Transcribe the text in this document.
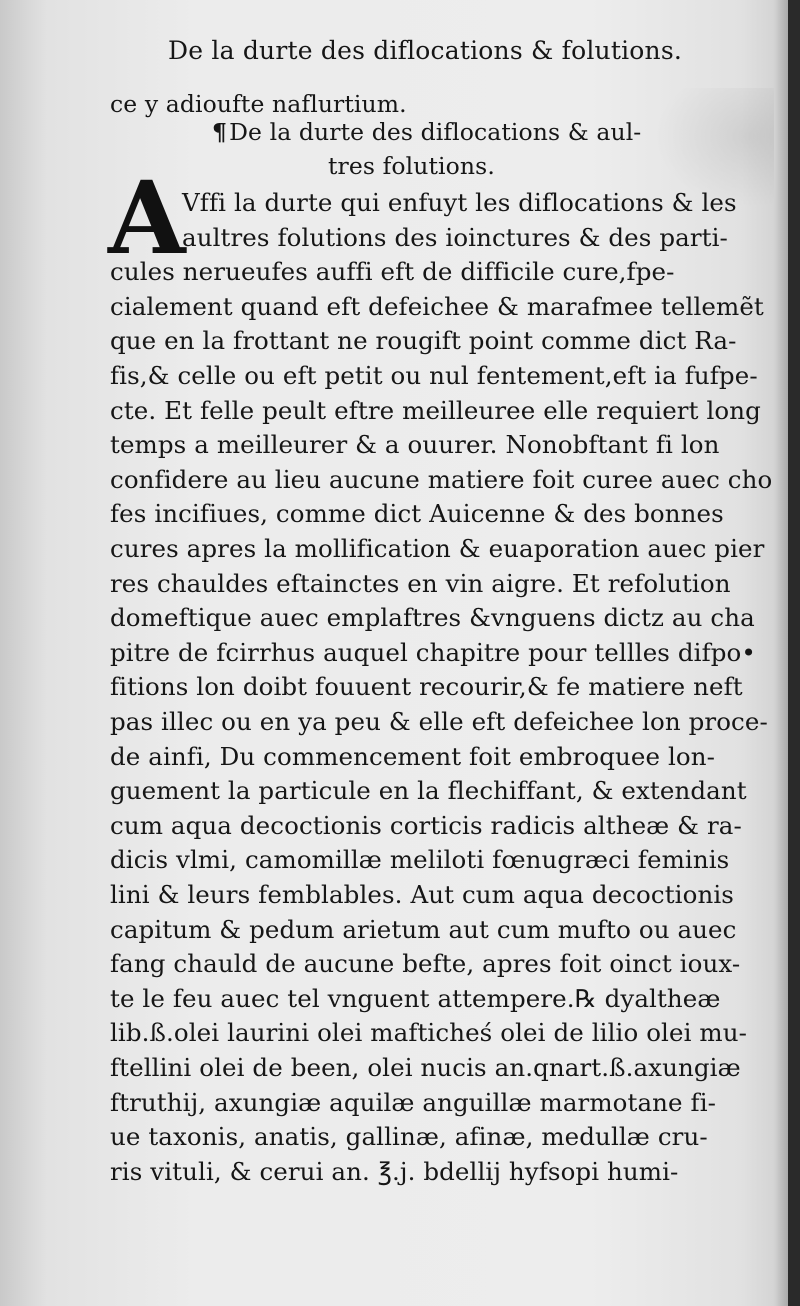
De la durte des diflocations & folutions.
ce y adioufte naflurtium.
¶De la durte des diflocations & aul-
tres folutions.
A
Vffi la durte qui enfuyt les diflocations & les
aultres folutions des ioinctures & des parti-
cules nerueufes auffi eft de difficile cure,fpe-
cialement quand eft defeichee & marafmee tellemẽt
que en la frottant ne rougift point comme dict Ra-
fis,& celle ou eft petit ou nul fentement,eft ia fufpe-
cte. Et felle peult eftre meilleuree elle requiert long
temps a meilleurer & a ouurer. Nonobftant fi lon
confidere au lieu aucune matiere foit curee auec cho
fes incifiues, comme dict Auicenne & des bonnes
cures apres la mollification & euaporation auec pier
res chauldes eftainctes en vin aigre. Et refolution
domeftique auec emplaftres &vnguens dictz au cha
pitre de fcirrhus auquel chapitre pour tellles difpo•
fitions lon doibt fouuent recourir,& fe matiere neft
pas illec ou en ya peu & elle eft defeichee lon proce-
de ainfi, Du commencement foit embroquee lon-
guement la particule en la flechiffant, & extendant
cum aqua decoctionis corticis radicis altheæ & ra-
dicis vlmi, camomillæ meliloti fœnugræci feminis
lini & leurs femblables. Aut cum aqua decoctionis
capitum & pedum arietum aut cum mufto ou auec
fang chauld de aucune befte, apres foit oinct ioux-
te le feu auec tel vnguent attempere.℞ dyaltheæ
lib.ß.olei laurini olei mafticheś olei de lilio olei mu-
ftellini olei de been, olei nucis an.qnart.ß.axungiæ
ftruthij, axungiæ aquilæ anguillæ marmotane fi-
ue taxonis, anatis, gallinæ, afinæ, medullæ cru-
ris vituli, & cerui an. ℥.j. bdellij hyfsopi humi-
